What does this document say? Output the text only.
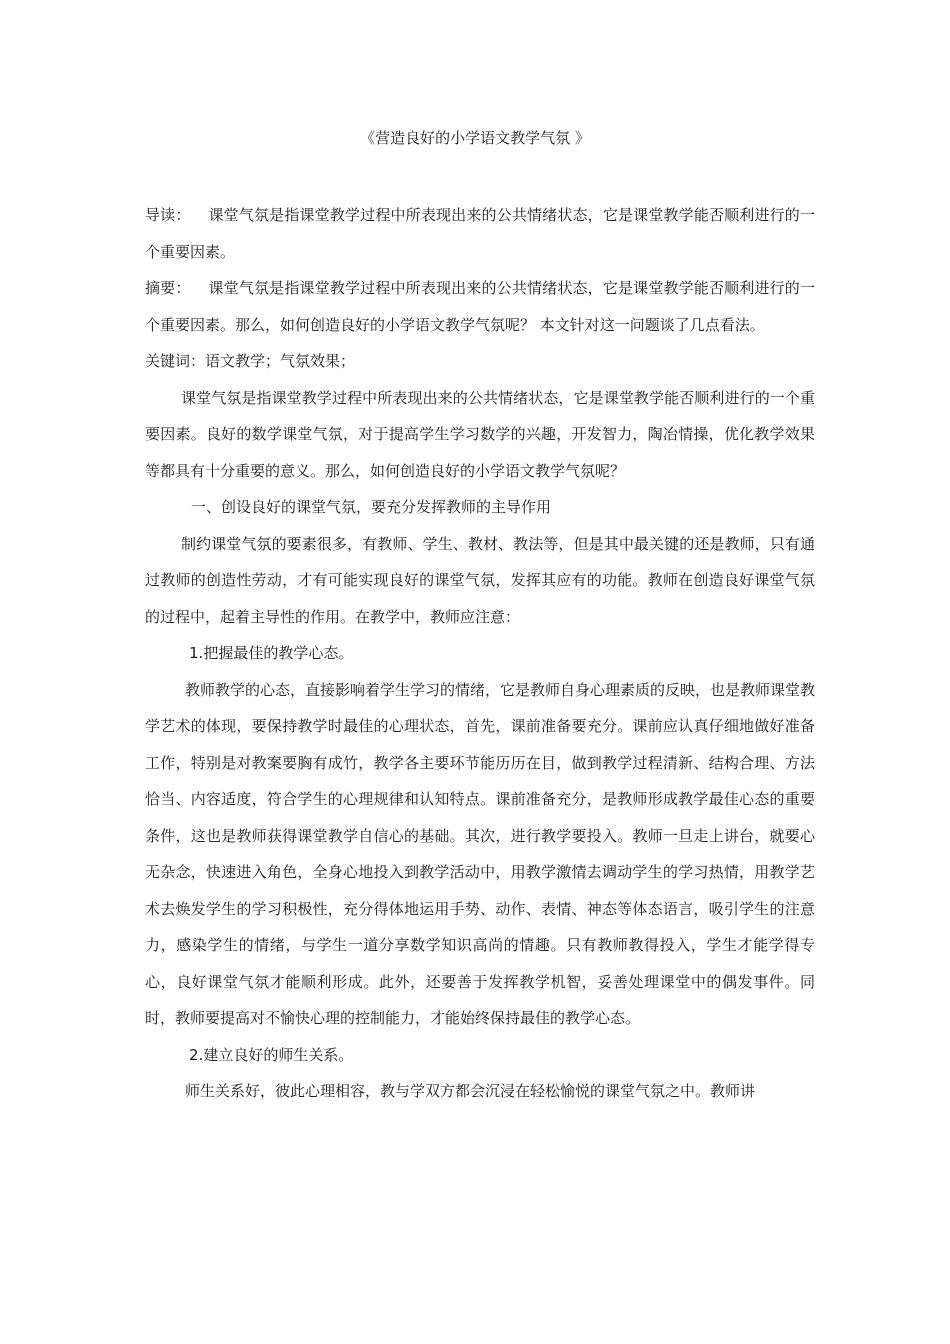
《营造良好的小学语文教学气氛 》

导读： 课堂气氛是指课堂教学过程中所表现出来的公共情绪状态，它是课堂教学能否顺利进行的一个重要因素。

摘要： 课堂气氛是指课堂教学过程中所表现出来的公共情绪状态，它是课堂教学能否顺利进行的一个重要因素。那么，如何创造良好的小学语文教学气氛呢？ 本文针对这一问题谈了几点看法。

关键词：语文教学；气氛效果；

课堂气氛是指课堂教学过程中所表现出来的公共情绪状态，它是课堂教学能否顺利进行的一个重要因素。良好的数学课堂气氛，对于提高学生学习数学的兴趣，开发智力，陶冶情操，优化教学效果等都具有十分重要的意义。那么，如何创造良好的小学语文教学气氛呢？

一、创设良好的课堂气氛，要充分发挥教师的主导作用

制约课堂气氛的要素很多，有教师、学生、教材、教法等，但是其中最关键的还是教师，只有通过教师的创造性劳动，才有可能实现良好的课堂气氛，发挥其应有的功能。教师在创造良好课堂气氛的过程中，起着主导性的作用。在教学中，教师应注意：

1.把握最佳的教学心态。

教师教学的心态，直接影响着学生学习的情绪，它是教师自身心理素质的反映，也是教师课堂教学艺术的体现，要保持教学时最佳的心理状态，首先，课前准备要充分。课前应认真仔细地做好准备工作，特别是对教案要胸有成竹，教学各主要环节能历历在目，做到教学过程清新、结构合理、方法恰当、内容适度，符合学生的心理规律和认知特点。课前准备充分，是教师形成教学最佳心态的重要条件，这也是教师获得课堂教学自信心的基础。其次，进行教学要投入。教师一旦走上讲台，就要心无杂念，快速进入角色，全身心地投入到教学活动中，用教学激情去调动学生的学习热情，用教学艺术去焕发学生的学习积极性，充分得体地运用手势、动作、表情、神态等体态语言，吸引学生的注意力，感染学生的情绪，与学生一道分享数学知识高尚的情趣。只有教师教得投入，学生才能学得专心，良好课堂气氛才能顺利形成。此外，还要善于发挥教学机智，妥善处理课堂中的偶发事件。同时，教师要提高对不愉快心理的控制能力，才能始终保持最佳的教学心态。

2.建立良好的师生关系。

师生关系好，彼此心理相容，教与学双方都会沉浸在轻松愉悦的课堂气氛之中。教师讲
